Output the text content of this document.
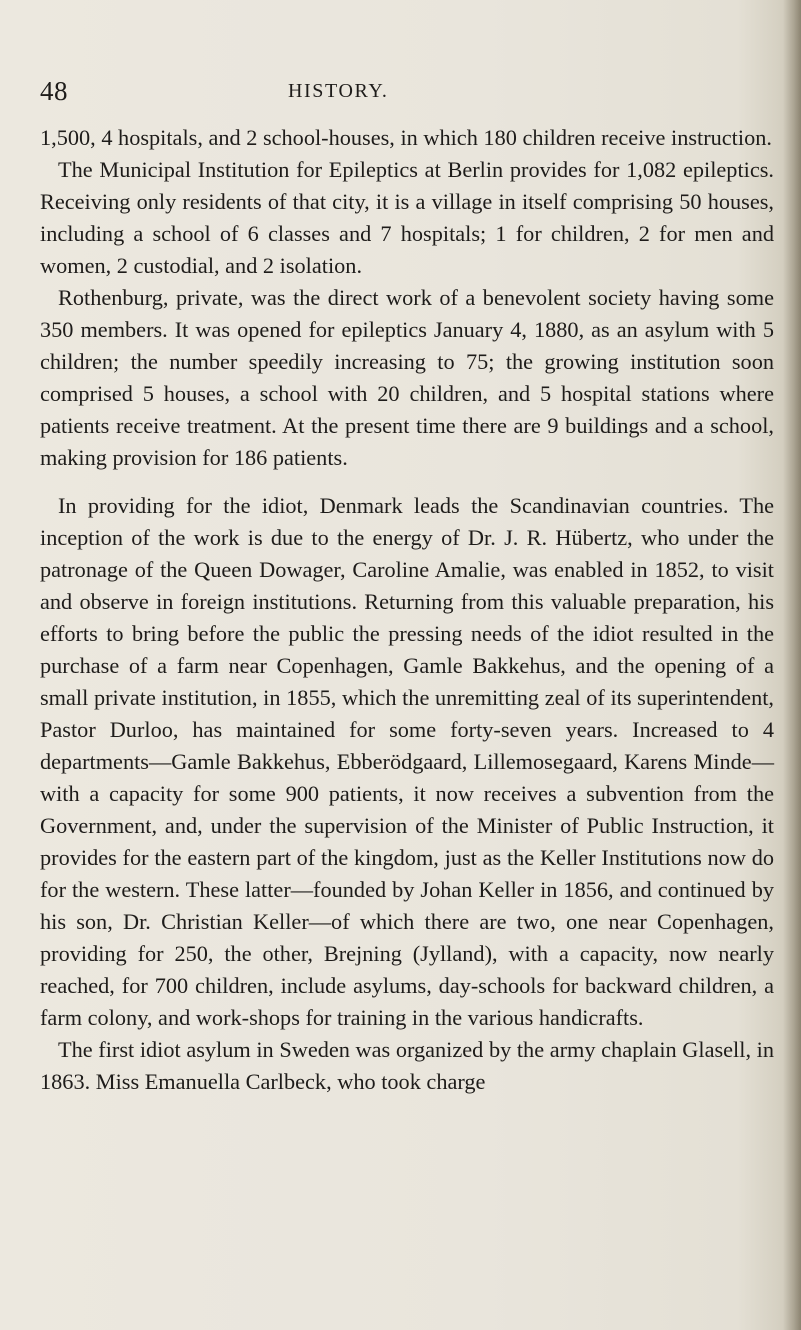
48	HISTORY.

1,500, 4 hospitals, and 2 school-houses, in which 180 children receive instruction.

The Municipal Institution for Epileptics at Berlin provides for 1,082 epileptics. Receiving only residents of that city, it is a village in itself comprising 50 houses, including a school of 6 classes and 7 hospitals; 1 for children, 2 for men and women, 2 custodial, and 2 isolation.

Rothenburg, private, was the direct work of a benevolent society having some 350 members. It was opened for epileptics January 4, 1880, as an asylum with 5 children; the number speedily increasing to 75; the growing institution soon comprised 5 houses, a school with 20 children, and 5 hospital stations where patients receive treatment. At the present time there are 9 buildings and a school, making provision for 186 patients.

In providing for the idiot, Denmark leads the Scandinavian countries. The inception of the work is due to the energy of Dr. J. R. Hübertz, who under the patronage of the Queen Dowager, Caroline Amalie, was enabled in 1852, to visit and observe in foreign institutions. Returning from this valuable preparation, his efforts to bring before the public the pressing needs of the idiot resulted in the purchase of a farm near Copenhagen, Gamle Bakkehus, and the opening of a small private institution, in 1855, which the unremitting zeal of its superintendent, Pastor Durloo, has maintained for some forty-seven years. Increased to 4 departments—Gamle Bakkehus, Ebberödgaard, Lillemosegaard, Karens Minde—with a capacity for some 900 patients, it now receives a subvention from the Government, and, under the supervision of the Minister of Public Instruction, it provides for the eastern part of the kingdom, just as the Keller Institutions now do for the western. These latter—founded by Johan Keller in 1856, and continued by his son, Dr. Christian Keller—of which there are two, one near Copenhagen, providing for 250, the other, Brejning (Jylland), with a capacity, now nearly reached, for 700 children, include asylums, day-schools for backward children, a farm colony, and work-shops for training in the various handicrafts.

The first idiot asylum in Sweden was organized by the army chaplain Glasell, in 1863. Miss Emanuella Carlbeck, who took charge
